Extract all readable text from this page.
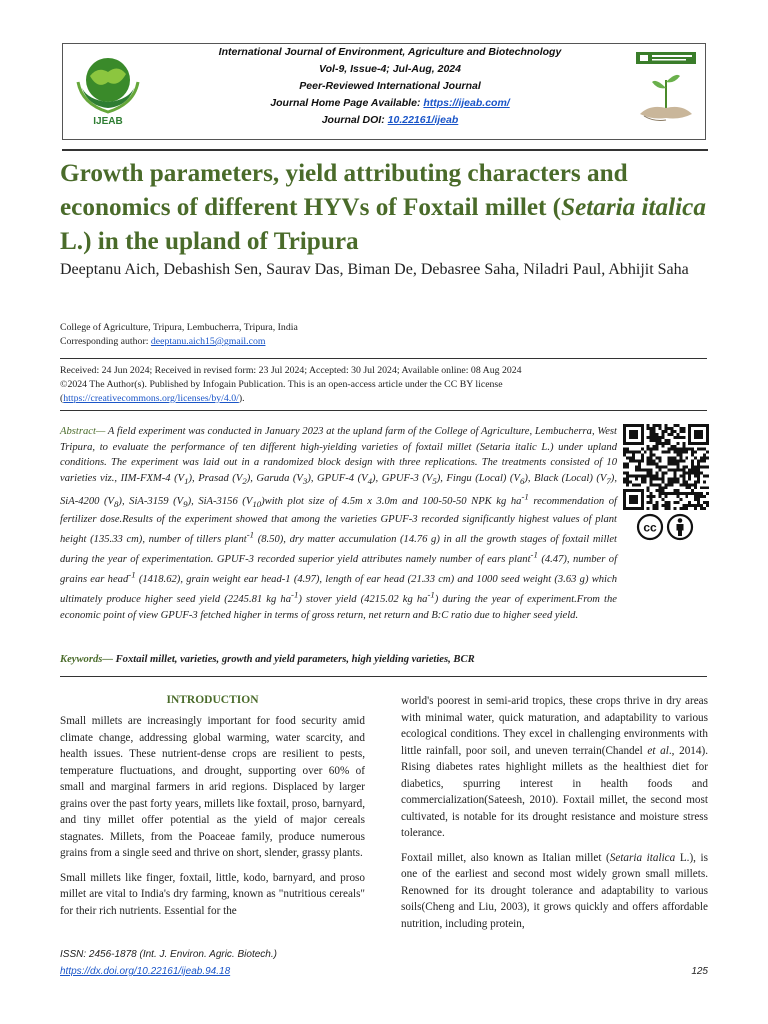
IJEAB
International Journal of Environment, Agriculture and Biotechnology
Vol-9, Issue-4; Jul-Aug, 2024
Peer-Reviewed International Journal
Journal Home Page Available: https://ijeab.com/
Journal DOI: 10.22161/ijeab
Growth parameters, yield attributing characters and economics of different HYVs of Foxtail millet (Setaria italica L.) in the upland of Tripura
Deeptanu Aich, Debashish Sen, Saurav Das, Biman De, Debasree Saha, Niladri Paul, Abhijit Saha
College of Agriculture, Tripura, Lembucherra, Tripura, India
Corresponding author: deeptanu.aich15@gmail.com
Received: 24 Jun 2024; Received in revised form: 23 Jul 2024; Accepted: 30 Jul 2024; Available online: 08 Aug 2024
©2024 The Author(s). Published by Infogain Publication. This is an open-access article under the CC BY license
(https://creativecommons.org/licenses/by/4.0/).
Abstract— A field experiment was conducted in January 2023 at the upland farm of the College of Agriculture, Lembucherra, West Tripura, to evaluate the performance of ten different high-yielding varieties of foxtail millet (Setaria italic L.) under upland conditions. The experiment was laid out in a randomized block design with three replications. The treatments consisted of 10 varieties viz., IIM-FXM-4 $(V_1)$, Prasad $(V_2)$, Garuda $(V_3)$, GPUF-4 $(V_4)$, GPUF-3 $(V_5)$, Fingu (Local) $(V_6)$, Black (Local) $(V_7)$, SiA-4200 $(V_8)$, SiA-3159 $(V_9)$, SiA-3156 $(V_{10})with$ plot size of 4.5m x 3.0m and 100-50-50 NPK kg $ha^{-1}$ recommendation of fertilizer dose.Results of the experiment showed that among the varieties GPUF-3 recorded significantly highest values of plant height (135.33 cm), number of tillers plant$^{-1}$ (8.50), dry matter accumulation (14.76 g) in all the growth stages of foxtail millet during the year of experimentation. GPUF-3 recorded superior yield attributes namely number of ears plant$^{-1}$ (4.47), number of grains ear head$^{-1}$ (1418.62), grain weight ear head-1 (4.97), length of ear head (21.33 cm) and 1000 seed weight (3.63 g) which ultimately produce higher seed yield (2245.81 kg $ha^{-1}$) stover yield (4215.02 kg $ha^{-1}$) during the year of experiment.From the economic point of view GPUF-3 fetched higher in terms of gross return, net return and B:C ratio due to higher seed yield.
cc
Keywords— Foxtail millet, varieties, growth and yield parameters, high yielding varieties, BCR
INTRODUCTION

Small millets are increasingly important for food security amid climate change, addressing global warming, water scarcity, and health issues. These nutrient-dense crops are resilient to pests, temperature fluctuations, and drought, supporting over 60% of small and marginal farmers in arid regions. Displaced by larger grains over the past forty years, millets like foxtail, proso, barnyard, and tiny millet offer potential as the yield of major cereals stagnates. Millets, from the Poaceae family, produce numerous grains from a single seed and thrive on short, slender, grassy plants.

Small millets like finger, foxtail, little, kodo, barnyard, and proso millet are vital to India's dry farming, known as "nutritious cereals" for their rich nutrients. Essential for the

world's poorest in semi-arid tropics, these crops thrive in dry areas with minimal water, quick maturation, and adaptability to various ecological conditions. They excel in challenging environments with little rainfall, poor soil, and uneven terrain(Chandel et al., 2014). Rising diabetes rates highlight millets as the healthiest diet for diabetics, spurring interest in health foods and commercialization(Sateesh, 2010). Foxtail millet, the second most cultivated, is notable for its drought resistance and moisture stress tolerance.

Foxtail millet, also known as Italian millet (Setaria italica L.), is one of the earliest and second most widely grown small millets. Renowned for its drought tolerance and adaptability to various soils(Cheng and Liu, 2003), it grows quickly and offers affordable nutrition, including protein,

ISSN: 2456-1878 (Int. J. Environ. Agric. Biotech.)
https://dx.doi.org/10.22161/ijeab.94.18	125
